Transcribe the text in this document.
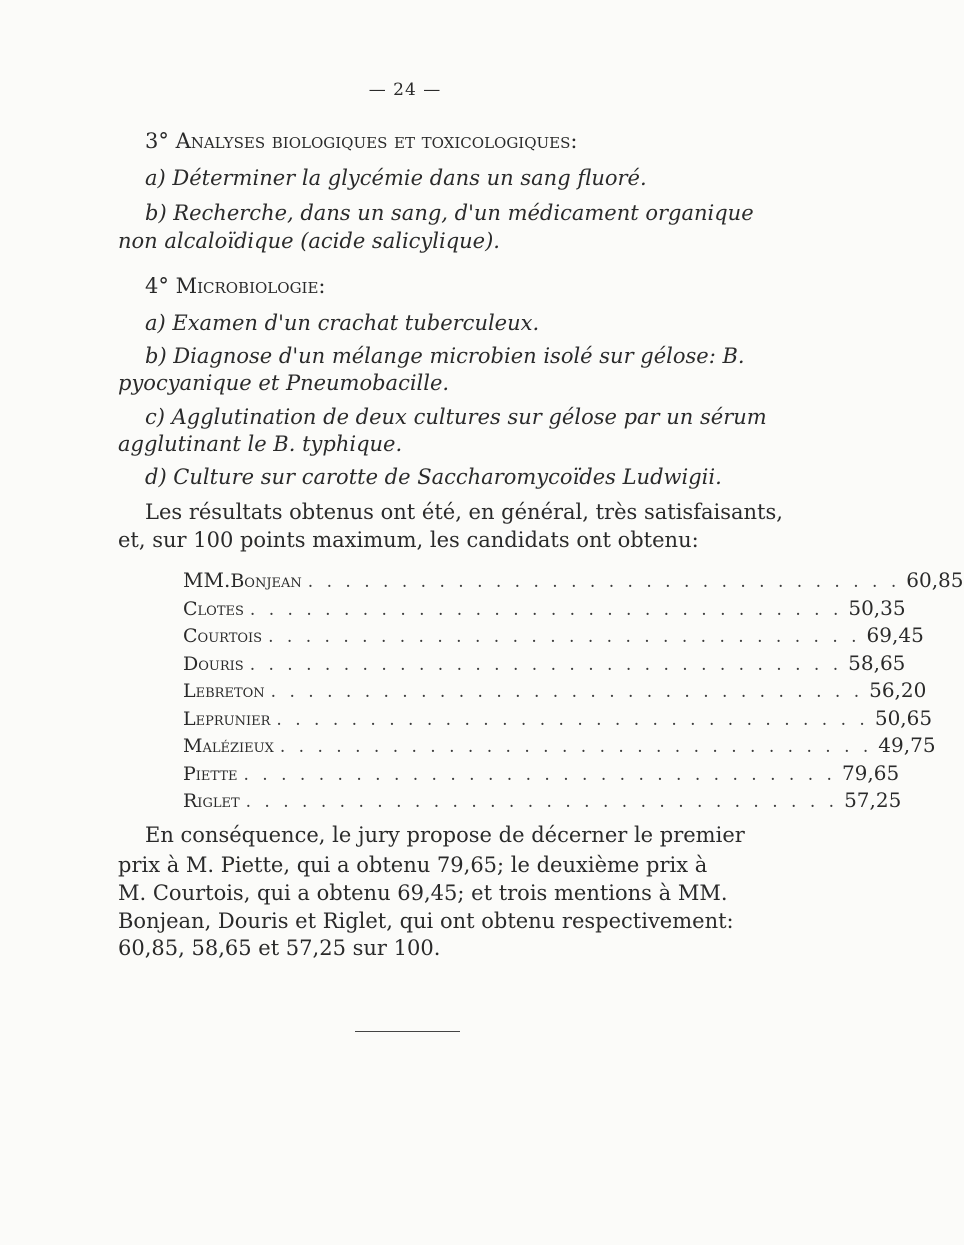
— 24 —
3° Analyses biologiques et toxicologiques:
a) Déterminer la glycémie dans un sang fluoré.
b) Recherche, dans un sang, d'un médicament organique
non alcaloïdique (acide salicylique).
4° Microbiologie:
a) Examen d'un crachat tuberculeux.
b) Diagnose d'un mélange microbien isolé sur gélose: B.
pyocyanique et Pneumobacille.
c) Agglutination de deux cultures sur gélose par un sérum
agglutinant le B. typhique.
d) Culture sur carotte de Saccharomycoïdes Ludwigii.
Les résultats obtenus ont été, en général, très satisfaisants,
et, sur 100 points maximum, les candidats ont obtenu:
MM. Bonjean . . . . . . . . . . . . . . . . . . . . . . . . . . . . . . . . 60,85
Clotes . . . . . . . . . . . . . . . . . . . . . . . . . . . . . . . . 50,35
Courtois . . . . . . . . . . . . . . . . . . . . . . . . . . . . . . . . 69,45
Douris . . . . . . . . . . . . . . . . . . . . . . . . . . . . . . . . 58,65
Lebreton . . . . . . . . . . . . . . . . . . . . . . . . . . . . . . . . 56,20
Leprunier . . . . . . . . . . . . . . . . . . . . . . . . . . . . . . . . 50,65
Malézieux . . . . . . . . . . . . . . . . . . . . . . . . . . . . . . . . 49,75
Piette . . . . . . . . . . . . . . . . . . . . . . . . . . . . . . . . 79,65
Riglet . . . . . . . . . . . . . . . . . . . . . . . . . . . . . . . . 57,25
En conséquence, le jury propose de décerner le premier
prix à M. Piette, qui a obtenu 79,65; le deuxième prix à
M. Courtois, qui a obtenu 69,45; et trois mentions à MM.
Bonjean, Douris et Riglet, qui ont obtenu respectivement:
60,85, 58,65 et 57,25 sur 100.
